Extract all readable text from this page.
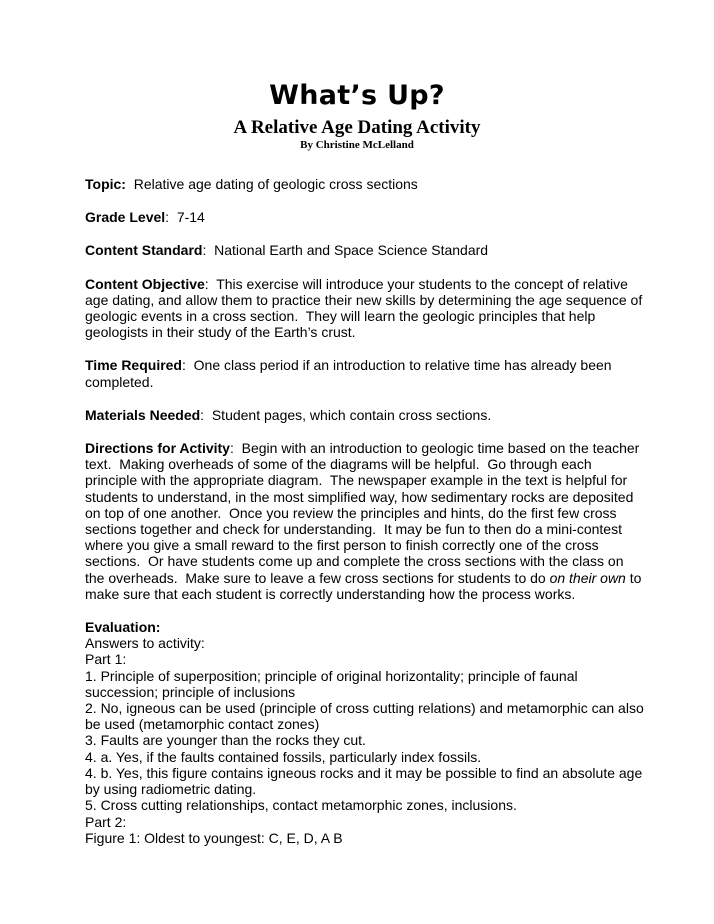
What’s Up?
A Relative Age Dating Activity
By Christine McLelland

Topic:  Relative age dating of geologic cross sections

Grade Level:  7-14

Content Standard:  National Earth and Space Science Standard

Content Objective:  This exercise will introduce your students to the concept of relative age dating, and allow them to practice their new skills by determining the age sequence of geologic events in a cross section.  They will learn the geologic principles that help geologists in their study of the Earth’s crust.

Time Required:  One class period if an introduction to relative time has already been completed.

Materials Needed:  Student pages, which contain cross sections.

Directions for Activity:  Begin with an introduction to geologic time based on the teacher text.  Making overheads of some of the diagrams will be helpful.  Go through each principle with the appropriate diagram.  The newspaper example in the text is helpful for students to understand, in the most simplified way, how sedimentary rocks are deposited on top of one another.  Once you review the principles and hints, do the first few cross sections together and check for understanding.  It may be fun to then do a mini-contest where you give a small reward to the first person to finish correctly one of the cross sections.  Or have students come up and complete the cross sections with the class on the overheads.  Make sure to leave a few cross sections for students to do on their own to make sure that each student is correctly understanding how the process works.

Evaluation:

Answers to activity:

Part 1:

1. Principle of superposition; principle of original horizontality; principle of faunal succession; principle of inclusions

2. No, igneous can be used (principle of cross cutting relations) and metamorphic can also be used (metamorphic contact zones)

3. Faults are younger than the rocks they cut.

4. a. Yes, if the faults contained fossils, particularly index fossils.

4. b. Yes, this figure contains igneous rocks and it may be possible to find an absolute age by using radiometric dating.

5. Cross cutting relationships, contact metamorphic zones, inclusions.

Part 2:

Figure 1: Oldest to youngest: C, E, D, A B
